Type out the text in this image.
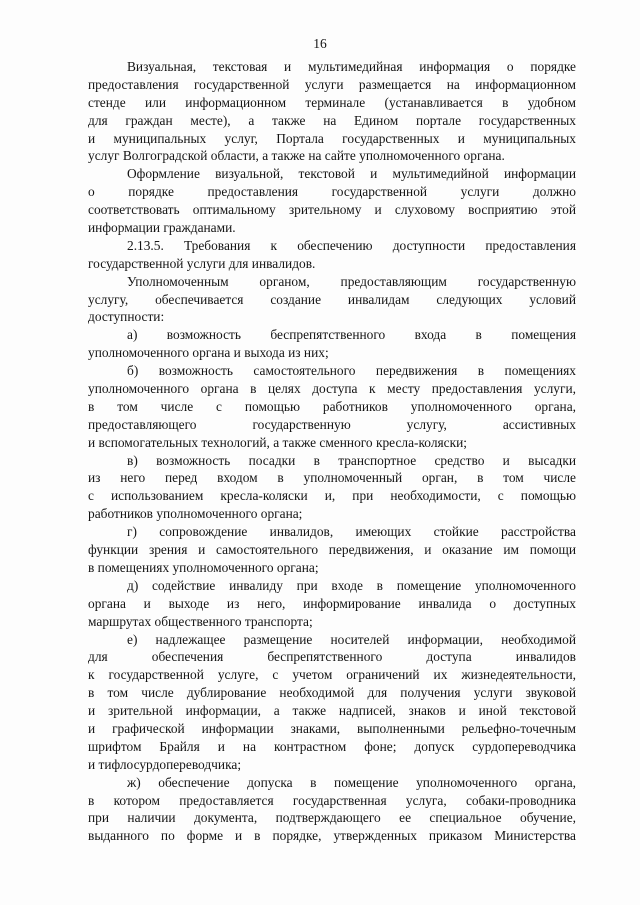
16
Визуальная, текстовая и мультимедийная информация о порядке
предоставления государственной услуги размещается на информационном
стенде или информационном терминале (устанавливается в удобном
для граждан месте), а также на Едином портале государственных
и муниципальных услуг, Портала государственных и муниципальных
услуг Волгоградской области, а также на сайте уполномоченного органа.
Оформление визуальной, текстовой и мультимедийной информации
о порядке предоставления государственной услуги должно
соответствовать оптимальному зрительному и слуховому восприятию этой
информации гражданами.
2.13.5. Требования к обеспечению доступности предоставления
государственной услуги для инвалидов.
Уполномоченным органом, предоставляющим государственную
услугу, обеспечивается создание инвалидам следующих условий
доступности:
а) возможность беспрепятственного входа в помещения
уполномоченного органа и выхода из них;
б) возможность самостоятельного передвижения в помещениях
уполномоченного органа в целях доступа к месту предоставления услуги,
в том числе с помощью работников уполномоченного органа,
предоставляющего государственную услугу, ассистивных
и вспомогательных технологий, а также сменного кресла-коляски;
в) возможность посадки в транспортное средство и высадки
из него перед входом в уполномоченный орган, в том числе
с использованием кресла-коляски и, при необходимости, с помощью
работников уполномоченного органа;
г) сопровождение инвалидов, имеющих стойкие расстройства
функции зрения и самостоятельного передвижения, и оказание им помощи
в помещениях уполномоченного органа;
д) содействие инвалиду при входе в помещение уполномоченного
органа и выходе из него, информирование инвалида о доступных
маршрутах общественного транспорта;
е) надлежащее размещение носителей информации, необходимой
для обеспечения беспрепятственного доступа инвалидов
к государственной услуге, с учетом ограничений их жизнедеятельности,
в том числе дублирование необходимой для получения услуги звуковой
и зрительной информации, а также надписей, знаков и иной текстовой
и графической информации знаками, выполненными рельефно-точечным
шрифтом Брайля и на контрастном фоне; допуск сурдопереводчика
и тифлосурдопереводчика;
ж) обеспечение допуска в помещение уполномоченного органа,
в котором предоставляется государственная услуга, собаки-проводника
при наличии документа, подтверждающего ее специальное обучение,
выданного по форме и в порядке, утвержденных приказом Министерства
